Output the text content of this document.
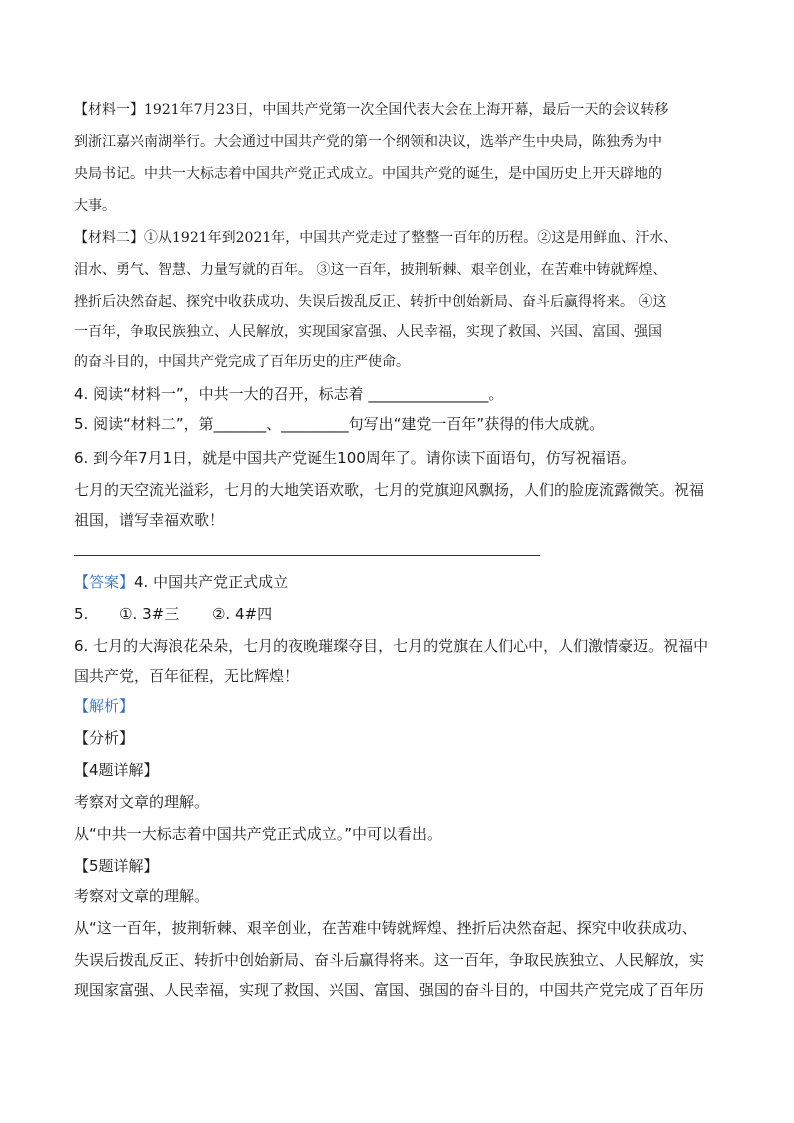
【材料一】1921年7月23日，中国共产党第一次全国代表大会在上海开幕，最后一天的会议转移
到浙江嘉兴南湖举行。大会通过中国共产党的第一个纲领和决议，选举产生中央局，陈独秀为中
央局书记。中共一大标志着中国共产党正式成立。中国共产党的诞生，是中国历史上开天辟地的
大事。
【材料二】①从1921年到2021年，中国共产党走过了整整一百年的历程。②这是用鲜血、汗水、
泪水、勇气、智慧、力量写就的百年。 ③这一百年，披荆斩棘、艰辛创业，在苦难中铸就辉煌、
挫折后决然奋起、探究中收获成功、失误后拨乱反正、转折中创始新局、奋斗后赢得将来。 ④这
一百年，争取民族独立、人民解放，实现国家富强、人民幸福，实现了救国、兴国、富国、强国
的奋斗目的，中国共产党完成了百年历史的庄严使命。
4. 阅读“材料一”，中共一大的召开，标志着 ________________。
5. 阅读“材料二”，第_______、_________句写出“建党一百年”获得的伟大成就。
6. 到今年7月1日，就是中国共产党诞生100周年了。请你读下面语句，仿写祝福语。
七月的天空流光溢彩，七月的大地笑语欢歌，七月的党旗迎风飘扬，人们的脸庞流露微笑。祝福
祖国，谱写幸福欢歌！
【答案】4. 中国共产党正式成立
5. ①. 3#三 ②. 4#四
6. 七月的大海浪花朵朵，七月的夜晚璀璨夺目，七月的党旗在人们心中，人们激情豪迈。祝福中
国共产党，百年征程，无比辉煌！
【解析】
【分析】
【4题详解】
考察对文章的理解。
从“中共一大标志着中国共产党正式成立。”中可以看出。
【5题详解】
考察对文章的理解。
从“这一百年，披荆斩棘、艰辛创业，在苦难中铸就辉煌、挫折后决然奋起、探究中收获成功、
失误后拨乱反正、转折中创始新局、奋斗后赢得将来。这一百年，争取民族独立、人民解放，实
现国家富强、人民幸福，实现了救国、兴国、富国、强国的奋斗目的，中国共产党完成了百年历
